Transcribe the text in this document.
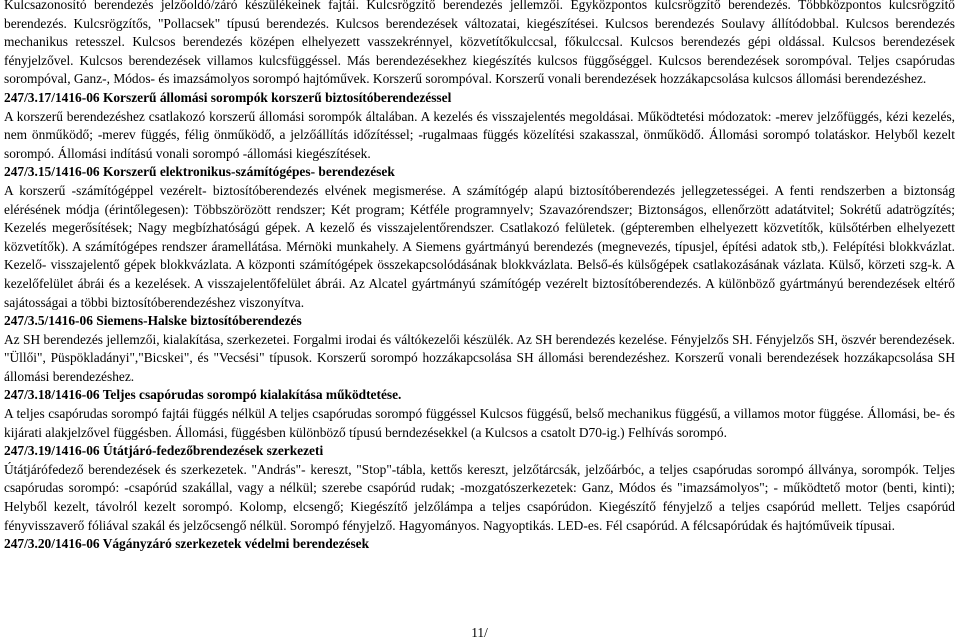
Kulcsazonosító berendezés jelzőoldó/záró készülékeinek fajtái. Kulcsrögzítő berendezés jellemzői. Egyközpontos kulcsrögzítő berendezés. Többközpontos kulcsrögzítő berendezés. Kulcsrögzítős, "Pollacsek" típusú berendezés. Kulcsos berendezések változatai, kiegészítései. Kulcsos berendezés Soulavy állítódobbal. Kulcsos berendezés mechanikus retesszel. Kulcsos berendezés középen elhelyezett vasszekrénnyel, közvetítőkulccsal, főkulccsal. Kulcsos berendezés gépi oldással. Kulcsos berendezések fényjelzővel. Kulcsos berendezések villamos kulcsfüggéssel. Más berendezésekhez kiegészítés kulcsos függőséggel. Kulcsos berendezések sorompóval. Teljes csapórudas sorompóval, Ganz-, Módos- és imazsámolyos sorompó hajtóművek. Korszerű sorompóval. Korszerű vonali berendezések hozzákapcsolása kulcsos állomási berendezéshez.

247/3.17/1416-06 Korszerű állomási sorompók korszerű biztosítóberendezéssel

A korszerű berendezéshez csatlakozó korszerű állomási sorompók általában. A kezelés és visszajelentés megoldásai. Működtetési módozatok: -merev jelzőfüggés, kézi kezelés, nem önműködő; -merev függés, félig önműködő, a jelzőállítás időzítéssel; -rugalmaas függés közelítési szakasszal, önműködő. Állomási sorompó tolatáskor. Helyből kezelt sorompó. Állomási indítású vonali sorompó -állomási kiegészítések.

247/3.15/1416-06 Korszerű elektronikus-számítógépes- berendezések

A korszerű -számítógéppel vezérelt- biztosítóberendezés elvének megismerése. A számítógép alapú biztosítóberendezés jellegzetességei. A fenti rendszerben a biztonság elérésének módja (érintőlegesen): Többszörözött rendszer; Két program; Kétféle programnyelv; Szavazórendszer; Biztonságos, ellenőrzött adatátvitel; Sokrétű adatrögzítés; Kezelés megerősítések; Nagy megbízhatóságú gépek. A kezelő és visszajelentőrendszer. Csatlakozó felületek. (gépteremben elhelyezett közvetítők, külsőtérben elhelyezett közvetítők). A számítógépes rendszer áramellátása. Mérnöki munkahely. A Siemens gyártmányú berendezés (megnevezés, típusjel, építési adatok stb,). Felépítési blokkvázlat. Kezelő- visszajelentő gépek blokkvázlata. A központi számítógépek összekapcsolódásának blokkvázlata. Belső-és külsőgépek csatlakozásának vázlata. Külső, körzeti szg-k. A kezelőfelület ábrái és a kezelések. A visszajelentőfelület ábrái. Az Alcatel gyártmányú számítógép vezérelt biztosítóberendezés. A különböző gyártmányú berendezések eltérő sajátosságai a többi biztosítóberendezéshez viszonyítva.

247/3.5/1416-06 Siemens-Halske biztosítóberendezés

Az SH berendezés jellemzői, kialakítása, szerkezetei. Forgalmi irodai és váltókezelői készülék. Az SH berendezés kezelése. Fényjelzős SH. Fényjelzős SH, öszvér berendezések. "Üllői", Püspökladányi","Bicskei", és "Vecsési" típusok. Korszerű sorompó hozzákapcsolása SH állomási berendezéshez. Korszerű vonali berendezések hozzákapcsolása SH állomási berendezéshez.

247/3.18/1416-06 Teljes csapórudas sorompó kialakítása működtetése.

A teljes csapórudas sorompó fajtái függés nélkül A teljes csapórudas sorompó függéssel Kulcsos függésű, belső mechanikus függésű, a villamos motor függése. Állomási, be- és kijárati alakjelzővel függésben. Állomási, függésben különböző típusú berndezésekkel (a Kulcsos a csatolt D70-ig.) Felhívás sorompó.

247/3.19/1416-06 Útátjáró-fedezőbrendezések szerkezeti

Útátjárófedező berendezések és szerkezetek. "András"- kereszt, "Stop"-tábla, kettős kereszt, jelzőtárcsák, jelzőárbóc, a teljes csapórudas sorompó állványa, sorompók. Teljes csapórudas sorompó: -csapórúd szakállal, vagy a nélkül; szerebe csapórúd rudak; -mozgatószerkezetek: Ganz, Módos és "imazsámolyos"; - működtető motor (benti, kinti); Helyből kezelt, távolról kezelt sorompó. Kolomp, elcsengő; Kiegészítő jelzőlámpa a teljes csapórúdon. Kiegészítő fényjelző a teljes csapórúd mellett. Teljes csapórúd fényvisszaverő fóliával szakál és jelzőcsengő nélkül. Sorompó fényjelző. Hagyományos. Nagyoptikás. LED-es. Fél csapórúd. A félcsapórúdak és hajtóműveik típusai.

247/3.20/1416-06 Vágányzáró szerkezetek védelmi berendezések

11/
